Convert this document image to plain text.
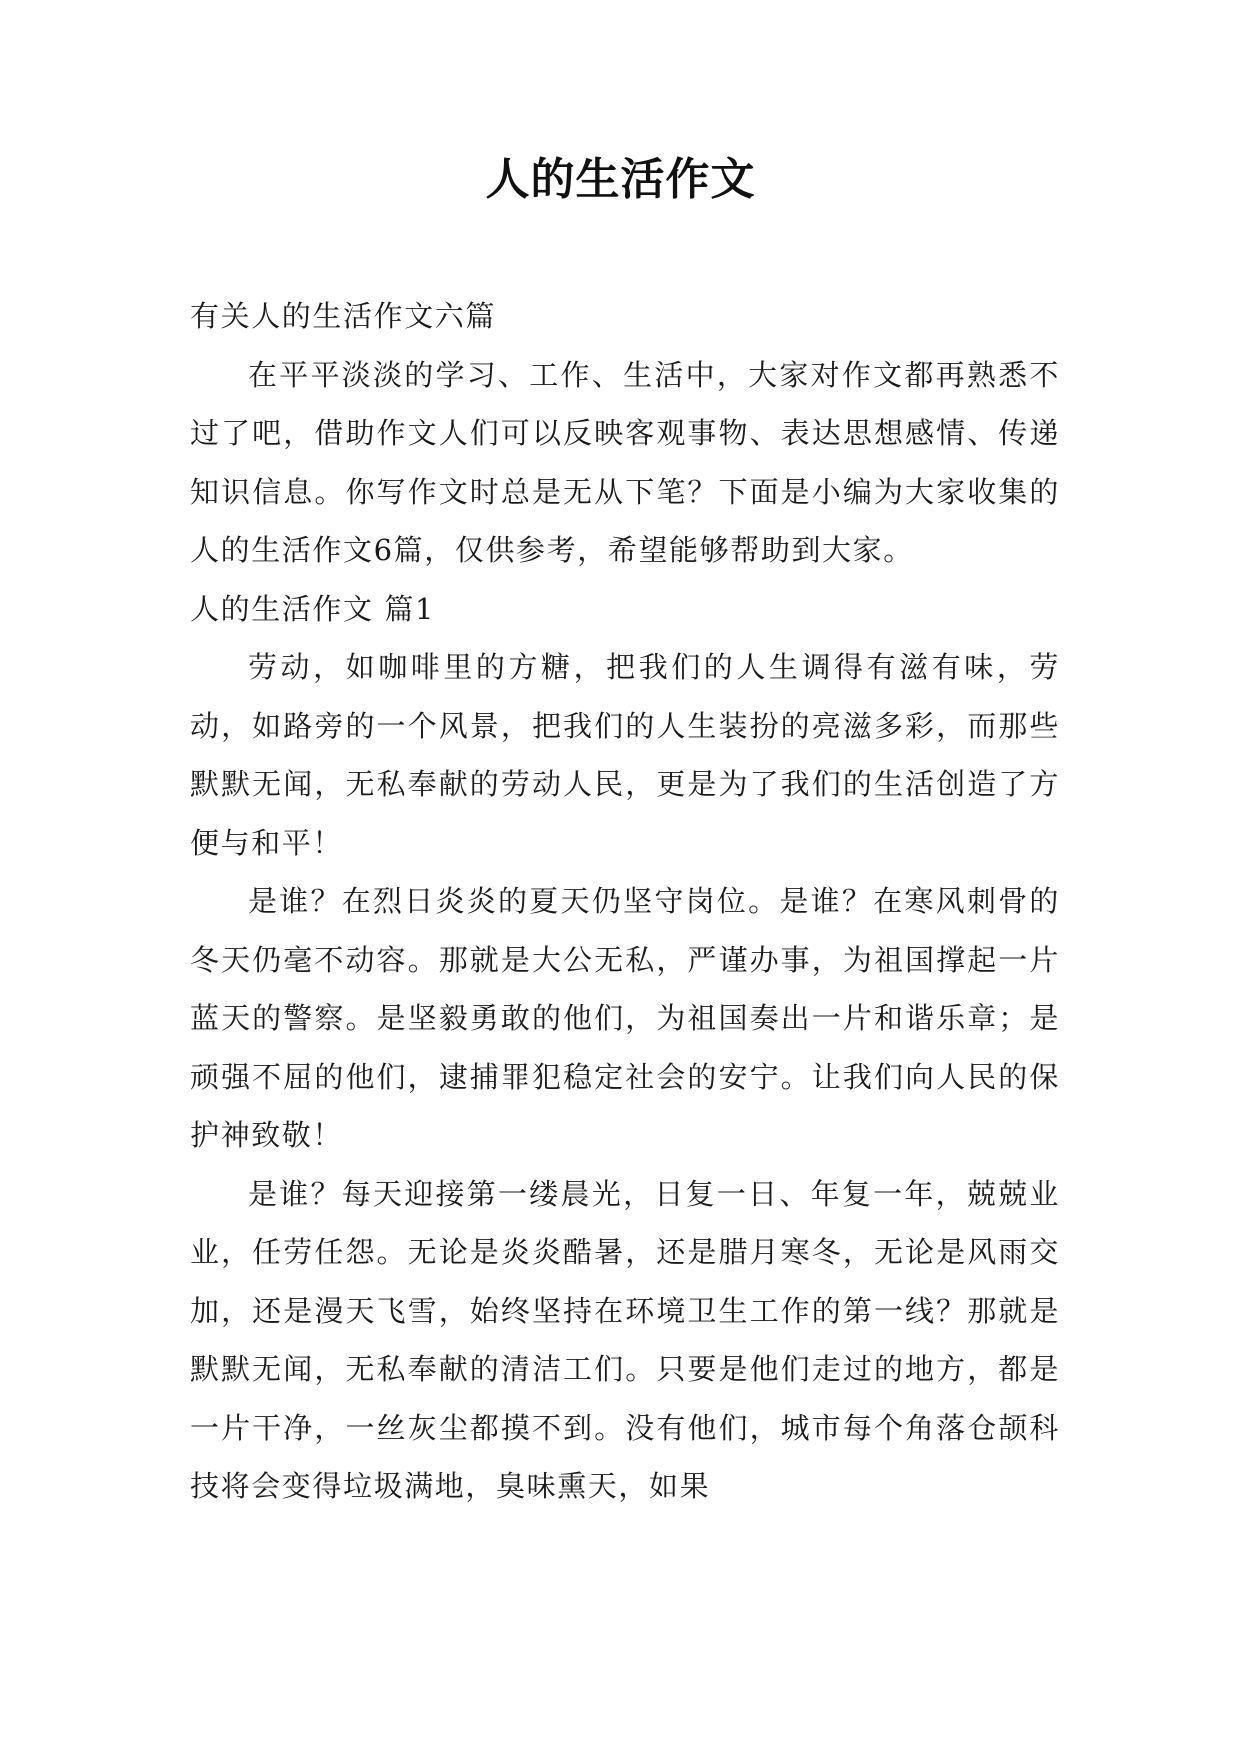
人的生活作文

有关人的生活作文六篇

在平平淡淡的学习、工作、生活中，大家对作文都再熟悉不过了吧，借助作文人们可以反映客观事物、表达思想感情、传递知识信息。你写作文时总是无从下笔？下面是小编为大家收集的人的生活作文6篇，仅供参考，希望能够帮助到大家。

人的生活作文 篇1

劳动，如咖啡里的方糖，把我们的人生调得有滋有味，劳动，如路旁的一个风景，把我们的人生装扮的亮滋多彩，而那些默默无闻，无私奉献的劳动人民，更是为了我们的生活创造了方便与和平！

是谁？在烈日炎炎的夏天仍坚守岗位。是谁？在寒风刺骨的冬天仍毫不动容。那就是大公无私，严谨办事，为祖国撑起一片蓝天的警察。是坚毅勇敢的他们，为祖国奏出一片和谐乐章；是顽强不屈的他们，逮捕罪犯稳定社会的安宁。让我们向人民的保护神致敬！

是谁？每天迎接第一缕晨光，日复一日、年复一年，兢兢业业，任劳任怨。无论是炎炎酷暑，还是腊月寒冬，无论是风雨交加，还是漫天飞雪，始终坚持在环境卫生工作的第一线？那就是默默无闻，无私奉献的清洁工们。只要是他们走过的地方，都是一片干净，一丝灰尘都摸不到。没有他们，城市每个角落仓颉科技将会变得垃圾满地，臭味熏天，如果
